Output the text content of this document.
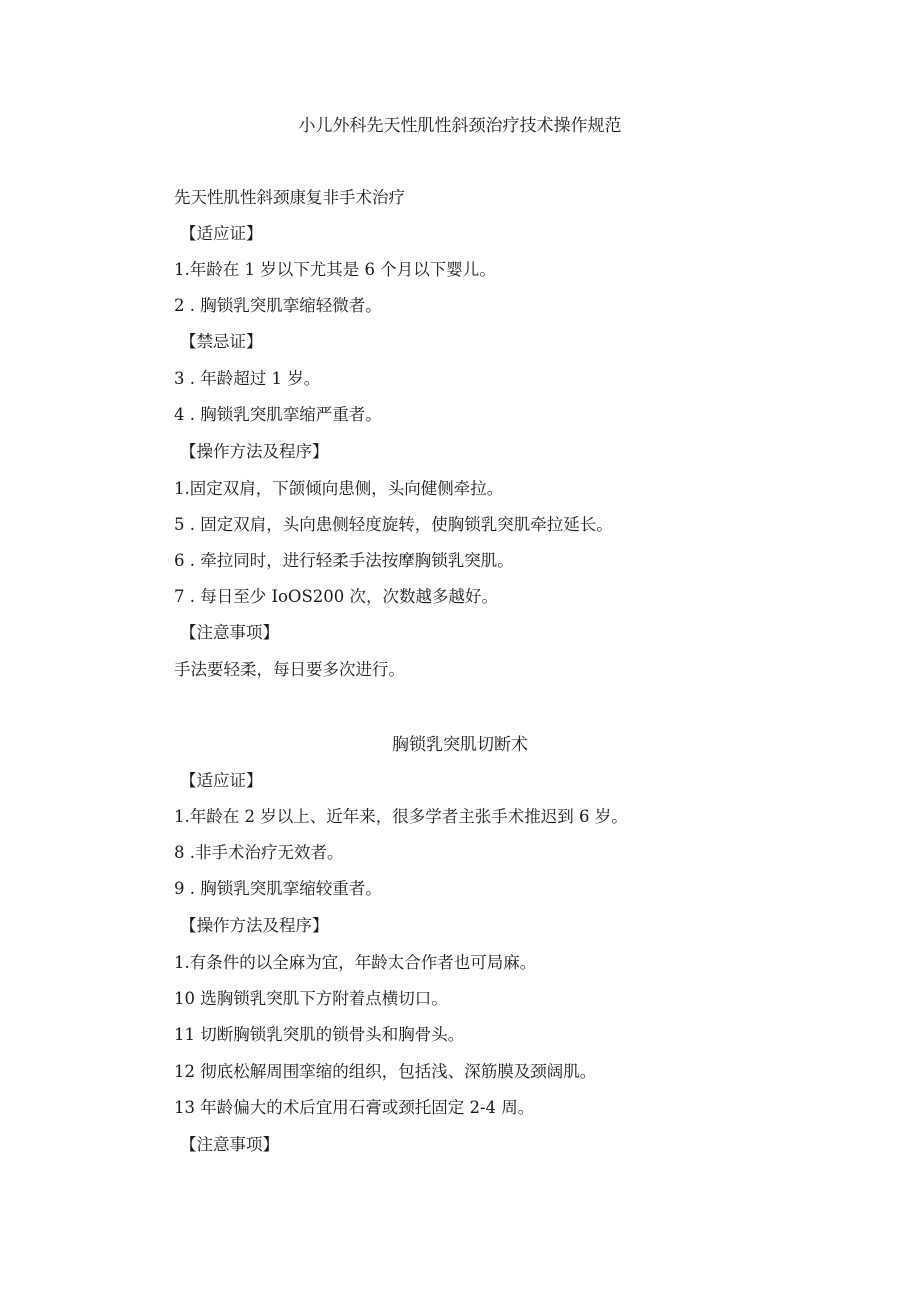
小儿外科先天性肌性斜颈治疗技术操作规范
先天性肌性斜颈康复非手术治疗
【适应证】
1.年龄在 1 岁以下尤其是 6 个月以下婴儿。
2 . 胸锁乳突肌挛缩轻微者。
【禁忌证】
3 . 年龄超过 1 岁。
4 . 胸锁乳突肌挛缩严重者。
【操作方法及程序】
1.固定双肩，下颌倾向患侧，头向健侧牵拉。
5 . 固定双肩，头向患侧轻度旋转，使胸锁乳突肌牵拉延长。
6 . 牵拉同时，进行轻柔手法按摩胸锁乳突肌。
7 . 每日至少 IoOS200 次，次数越多越好。
【注意事项】
手法要轻柔，每日要多次进行。
胸锁乳突肌切断术
【适应证】
1.年龄在 2 岁以上、近年来，很多学者主张手术推迟到 6 岁。
8 .非手术治疗无效者。
9 . 胸锁乳突肌挛缩较重者。
【操作方法及程序】
1.有条件的以全麻为宜，年龄太合作者也可局麻。
10 选胸锁乳突肌下方附着点横切口。
11 切断胸锁乳突肌的锁骨头和胸骨头。
12 彻底松解周围挛缩的组织，包括浅、深筋膜及颈阔肌。
13 年龄偏大的术后宜用石膏或颈托固定 2-4 周。
【注意事项】
